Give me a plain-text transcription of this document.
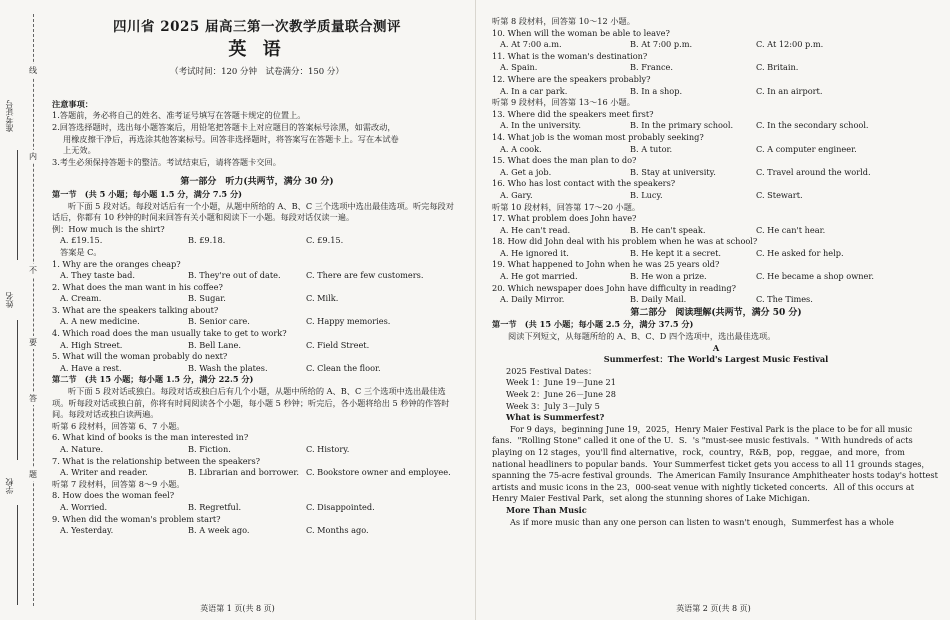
准考证号
姓名
学校
线
内
不
要
答
题
四川省 2025 届高三第一次教学质量联合测评
英 语
（考试时间：120 分钟　试卷满分：150 分）
注意事项：
1.答题前，务必将自己的姓名、准考证号填写在答题卡规定的位置上。
2.回答选择题时，选出每小题答案后，用铅笔把答题卡上对应题目的答案标号涂黑，如需改动，
用橡皮擦干净后，再选涂其他答案标号。回答非选择题时，将答案写在答题卡上。写在本试卷
上无效。
3.考生必须保持答题卡的整洁。考试结束后，请将答题卡交回。
第一部分　听力(共两节，满分 30 分)
第一节　(共 5 小题；每小题 1.5 分，满分 7.5 分)
听下面 5 段对话。每段对话后有一个小题，从题中所给的 A、B、C 三个选项中选出最佳选项。听完每段对话后，你都有 10 秒钟的时间来回答有关小题和阅读下一小题。每段对话仅读一遍。
例：How much is the shirt?
A. £19.15.	B. £9.18.	C. £9.15.
答案是 C。
1. Why are the oranges cheap?
A. They taste bad.	B. They're out of date.	C. There are few customers.
2. What does the man want in his coffee?
A. Cream.	B. Sugar.	C. Milk.
3. What are the speakers talking about?
A. A new medicine.	B. Senior care.	C. Happy memories.
4. Which road does the man usually take to get to work?
A. High Street.	B. Bell Lane.	C. Field Street.
5. What will the woman probably do next?
A. Have a rest.	B. Wash the plates.	C. Clean the floor.
第二节　(共 15 小题；每小题 1.5 分，满分 22.5 分)
听下面 5 段对话或独白。每段对话或独白后有几个小题，从题中所给的 A、B、C 三个选项中选出最佳选项。听每段对话或独白前，你将有时间阅读各个小题，每小题 5 秒钟；听完后，各小题将给出 5 秒钟的作答时间。每段对话或独白读两遍。
听第 6 段材料，回答第 6、7 小题。
6. What kind of books is the man interested in?
A. Nature.	B. Fiction.	C. History.
7. What is the relationship between the speakers?
A. Writer and reader.	B. Librarian and borrower. C. Bookstore owner and employee.
听第 7 段材料，回答第 8～9 小题。
8. How does the woman feel?
A. Worried.	B. Regretful.	C. Disappointed.
9. When did the woman's problem start?
A. Yesterday.	B. A week ago.	C. Months ago.
英语第 1 页(共 8 页)
听第 8 段材料，回答第 10～12 小题。
10. When will the woman be able to leave?
A. At 7:00 a.m.	B. At 7:00 p.m.	C. At 12:00 p.m.
11. What is the woman's destination?
A. Spain.	B. France.	C. Britain.
12. Where are the speakers probably?
A. In a car park.	B. In a shop.	C. In an airport.
听第 9 段材料，回答第 13～16 小题。
13. Where did the speakers meet first?
A. In the university.	B. In the primary school.	C. In the secondary school.
14. What job is the woman most probably seeking?
A. A cook.	B. A tutor.	C. A computer engineer.
15. What does the man plan to do?
A. Get a job.	B. Stay at university.	C. Travel around the world.
16. Who has lost contact with the speakers?
A. Gary.	B. Lucy.	C. Stewart.
听第 10 段材料，回答第 17～20 小题。
17. What problem does John have?
A. He can't read.	B. He can't speak.	C. He can't hear.
18. How did John deal with his problem when he was at school?
A. He ignored it.	B. He kept it a secret.	C. He asked for help.
19. What happened to John when he was 25 years old?
A. He got married.	B. He won a prize.	C. He became a shop owner.
20. Which newspaper does John have difficulty in reading?
A. Daily Mirror.	B. Daily Mail.	C. The Times.
第二部分　阅读理解(共两节，满分 50 分)
第一节　(共 15 小题；每小题 2.5 分，满分 37.5 分)
阅读下列短文，从每题所给的 A、B、C、D 四个选项中，选出最佳选项。
A
Summerfest：The World's Largest Music Festival
2025 Festival Dates：
Week 1：June 19－June 21
Week 2：June 26－June 28
Week 3：July 3－July 5
What is Summerfest?
For 9 days，beginning June 19，2025，Henry Maier Festival Park is the place to be for all music fans．"Rolling Stone" called it one of the U．S．'s "must-see music festivals．" With hundreds of acts playing on 12 stages，you'll find alternative，rock，country，R&B，pop，reggae，and more，from national headliners to popular bands．Your Summerfest ticket gets you access to all 11 grounds stages，spanning the 75-acre festival grounds．The American Family Insurance Amphitheater hosts today's hottest artists and music icons in the 23，000-seat venue with nightly ticketed concerts．All of this occurs at Henry Maier Festival Park，set along the stunning shores of Lake Michigan．
More Than Music
As if more music than any one person can listen to wasn't enough，Summerfest has a whole
英语第 2 页(共 8 页)
